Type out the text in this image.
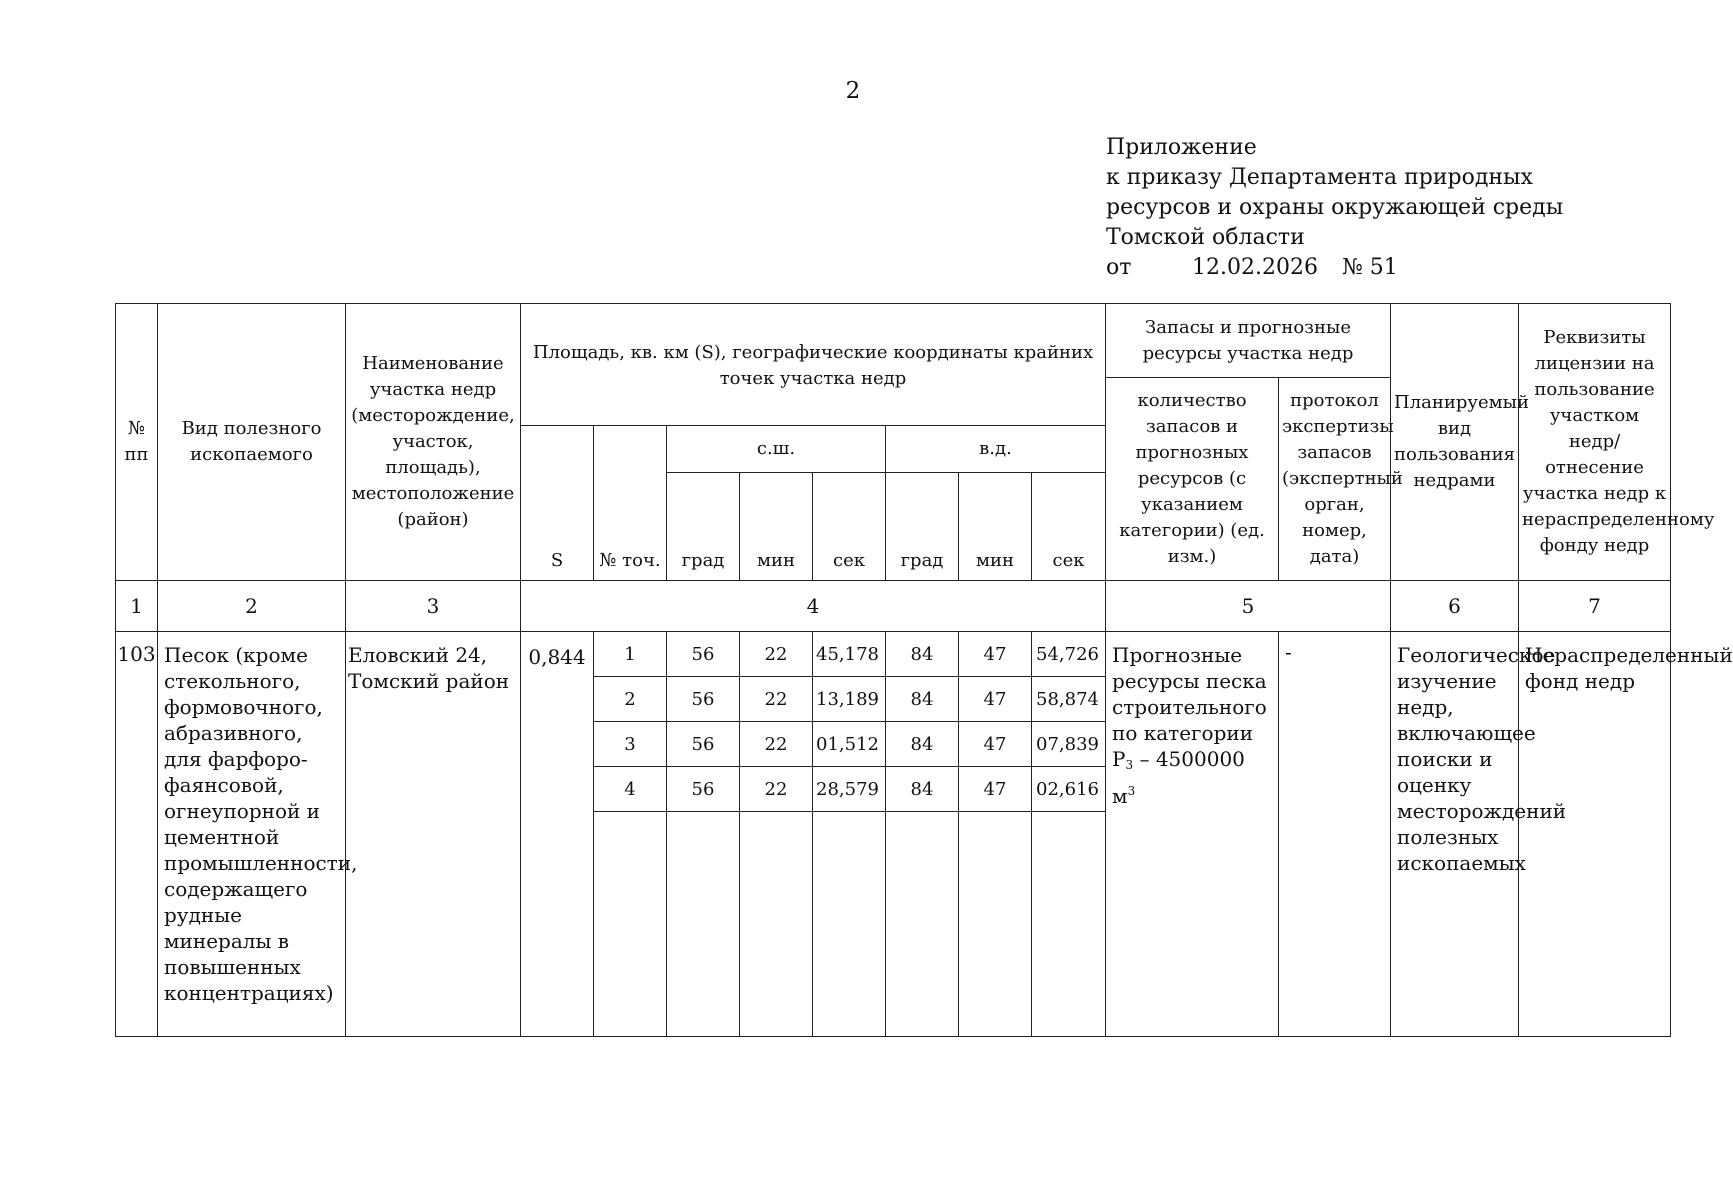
2
Приложение
к приказу Департамента природных
ресурсов и охраны окружающей среды
Томской области
от	12.02.2026 № 51
№ пп	Вид полезного ископаемого	Наименование участка недр (месторождение, участок, площадь), местоположение (район)	Площадь, кв. км (S), географические координаты крайних точек участка недр								Запасы и прогнозные ресурсы участка недр		Планируемый вид пользования недрами	Реквизиты лицензии на пользование участком недр/ отнесение участка недр к нераспределенному фонду недр
											количество запасов и прогнозных ресурсов (с указанием категории) (ед. изм.)	протокол экспертизы запасов (экспертный орган, номер, дата)		
			S	№ точ.	с.ш.			в.д.						
					град	мин	сек	град	мин	сек				
1	2	3	4								5		6	7
103	Песок (кроме стекольного, формовочного, абразивного, для фарфоро-фаянсовой, огнеупорной и цементной промышленности, содержащего рудные минералы в повышенных концентрациях)	Еловский 24, Томский район	0,844	1	56	22	45,178	84	47	54,726	Прогнозные ресурсы песка строительного по категории $Р_3 - 4500000$ $м^3$	-	Геологическое изучение недр, включающее поиски и оценку месторождений полезных ископаемых	Нераспределенный фонд недр
				2	56	22	13,189	84	47	58,874				
				3	56	22	01,512	84	47	07,839				
				4	56	22	28,579	84	47	02,616				
